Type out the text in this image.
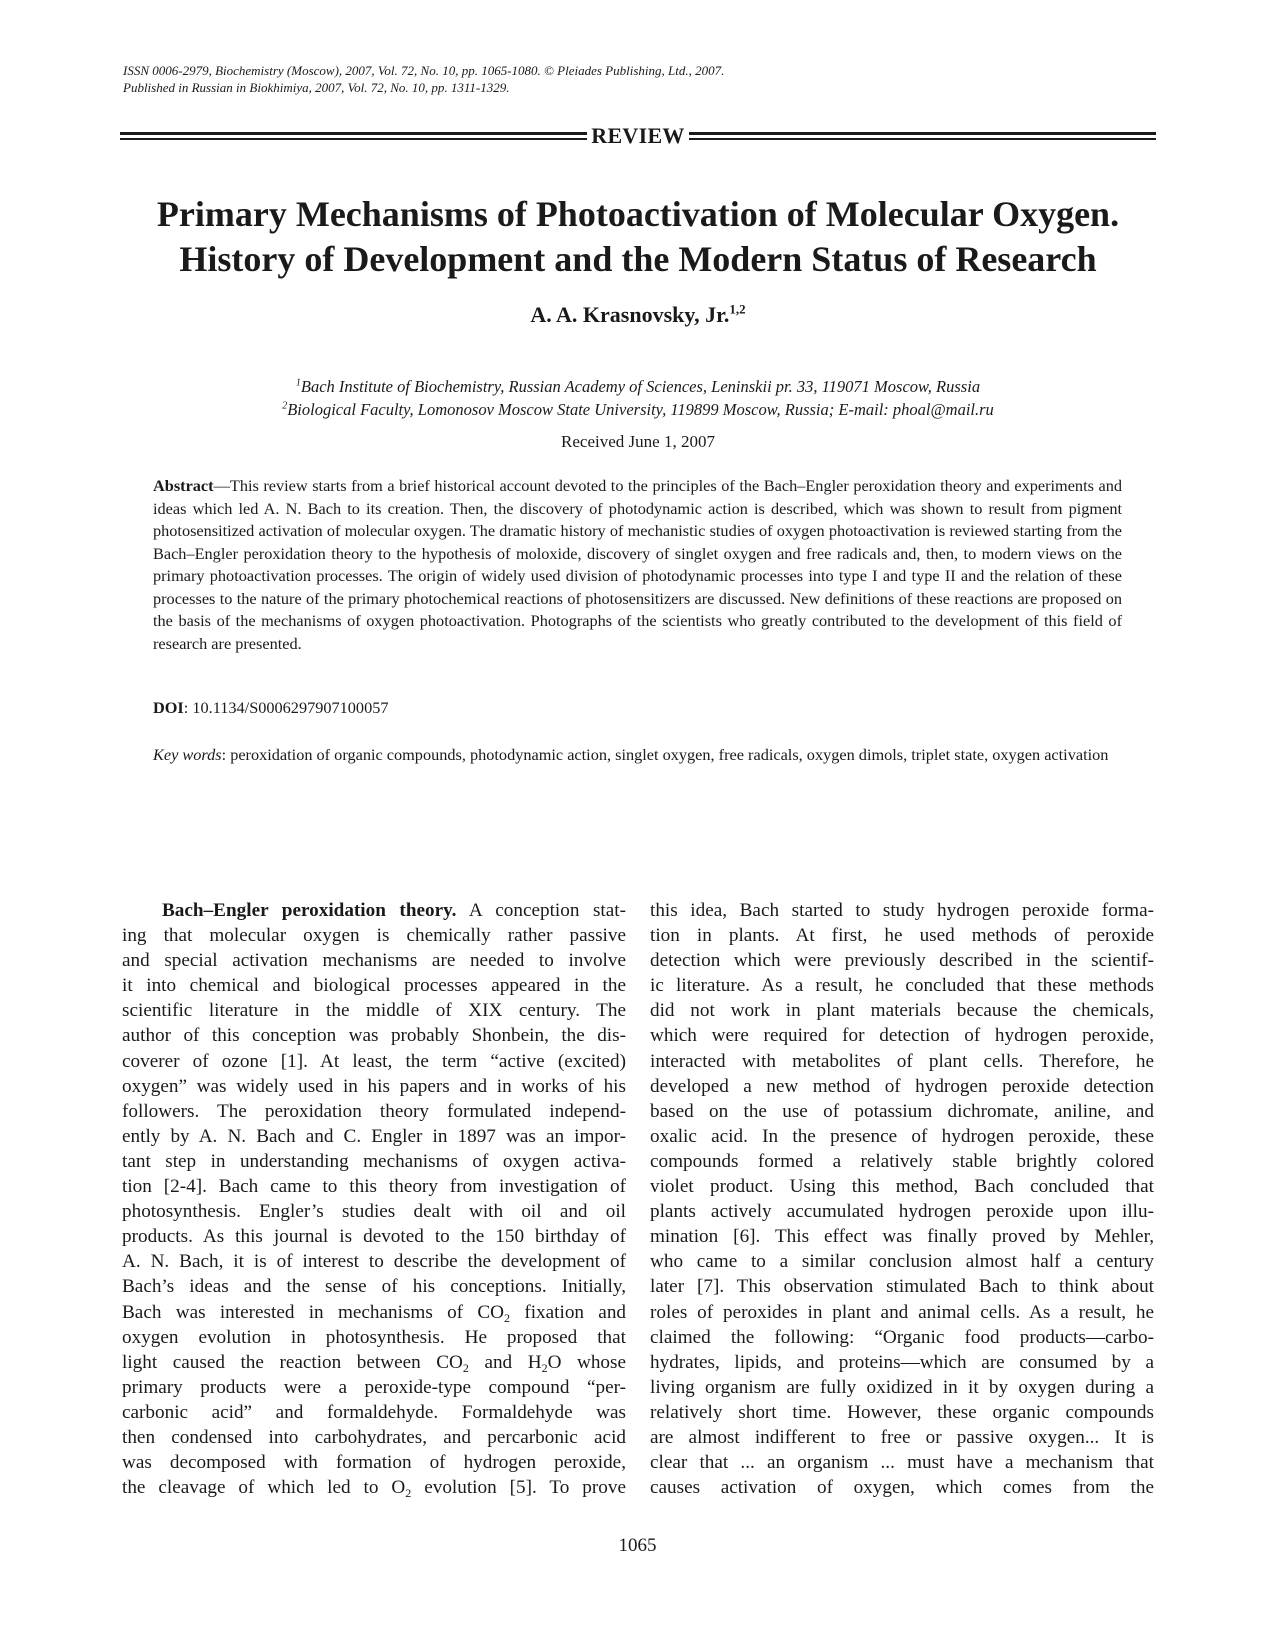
ISSN 0006-2979, Biochemistry (Moscow), 2007, Vol. 72, No. 10, pp. 1065-1080. © Pleiades Publishing, Ltd., 2007.
Published in Russian in Biokhimiya, 2007, Vol. 72, No. 10, pp. 1311-1329.
REVIEW
Primary Mechanisms of Photoactivation of Molecular Oxygen.
History of Development and the Modern Status of Research
A. A. Krasnovsky, Jr.$^{1,2}$
$^1$Bach Institute of Biochemistry, Russian Academy of Sciences, Leninskii pr. 33, 119071 Moscow, Russia
$^2$Biological Faculty, Lomonosov Moscow State University, 119899 Moscow, Russia; E-mail: phoal@mail.ru
Received June 1, 2007
Abstract—This review starts from a brief historical account devoted to the principles of the Bach–Engler peroxidation theory and experiments and ideas which led A. N. Bach to its creation. Then, the discovery of photodynamic action is described, which was shown to result from pigment photosensitized activation of molecular oxygen. The dramatic history of mechanistic studies of oxygen photoactivation is reviewed starting from the Bach–Engler peroxidation theory to the hypothesis of moloxide, discovery of singlet oxygen and free radicals and, then, to modern views on the primary photoactivation processes. The origin of widely used division of photodynamic processes into type I and type II and the relation of these processes to the nature of the primary photochemical reactions of photosensitizers are discussed. New definitions of these reactions are proposed on the basis of the mechanisms of oxygen photoactivation. Photographs of the scientists who greatly contributed to the development of this field of research are presented.
DOI: 10.1134/S0006297907100057
Key words: peroxidation of organic compounds, photodynamic action, singlet oxygen, free radicals, oxygen dimols, triplet state, oxygen activation
Bach–Engler peroxidation theory. A conception stat-
ing that molecular oxygen is chemically rather passive
and special activation mechanisms are needed to involve
it into chemical and biological processes appeared in the
scientific literature in the middle of XIX century. The
author of this conception was probably Shonbein, the dis-
coverer of ozone [1]. At least, the term “active (excited)
oxygen” was widely used in his papers and in works of his
followers. The peroxidation theory formulated independ-
ently by A. N. Bach and C. Engler in 1897 was an impor-
tant step in understanding mechanisms of oxygen activa-
tion [2-4]. Bach came to this theory from investigation of
photosynthesis. Engler’s studies dealt with oil and oil
products. As this journal is devoted to the 150 birthday of
A. N. Bach, it is of interest to describe the development of
Bach’s ideas and the sense of his conceptions. Initially,
Bach was interested in mechanisms of $CO_2$ fixation and
oxygen evolution in photosynthesis. He proposed that
light caused the reaction between $CO_2$ and $H_2O$ whose
primary products were a peroxide-type compound “per-
carbonic acid” and formaldehyde. Formaldehyde was
then condensed into carbohydrates, and percarbonic acid
was decomposed with formation of hydrogen peroxide,
the cleavage of which led to $O_2$ evolution [5]. To prove
this idea, Bach started to study hydrogen peroxide forma-
tion in plants. At first, he used methods of peroxide
detection which were previously described in the scientif-
ic literature. As a result, he concluded that these methods
did not work in plant materials because the chemicals,
which were required for detection of hydrogen peroxide,
interacted with metabolites of plant cells. Therefore, he
developed a new method of hydrogen peroxide detection
based on the use of potassium dichromate, aniline, and
oxalic acid. In the presence of hydrogen peroxide, these
compounds formed a relatively stable brightly colored
violet product. Using this method, Bach concluded that
plants actively accumulated hydrogen peroxide upon illu-
mination [6]. This effect was finally proved by Mehler,
who came to a similar conclusion almost half a century
later [7]. This observation stimulated Bach to think about
roles of peroxides in plant and animal cells. As a result, he
claimed the following: “Organic food products—carbo-
hydrates, lipids, and proteins—which are consumed by a
living organism are fully oxidized in it by oxygen during a
relatively short time. However, these organic compounds
are almost indifferent to free or passive oxygen... It is
clear that ... an organism ... must have a mechanism that
causes activation of oxygen, which comes from the
1065
